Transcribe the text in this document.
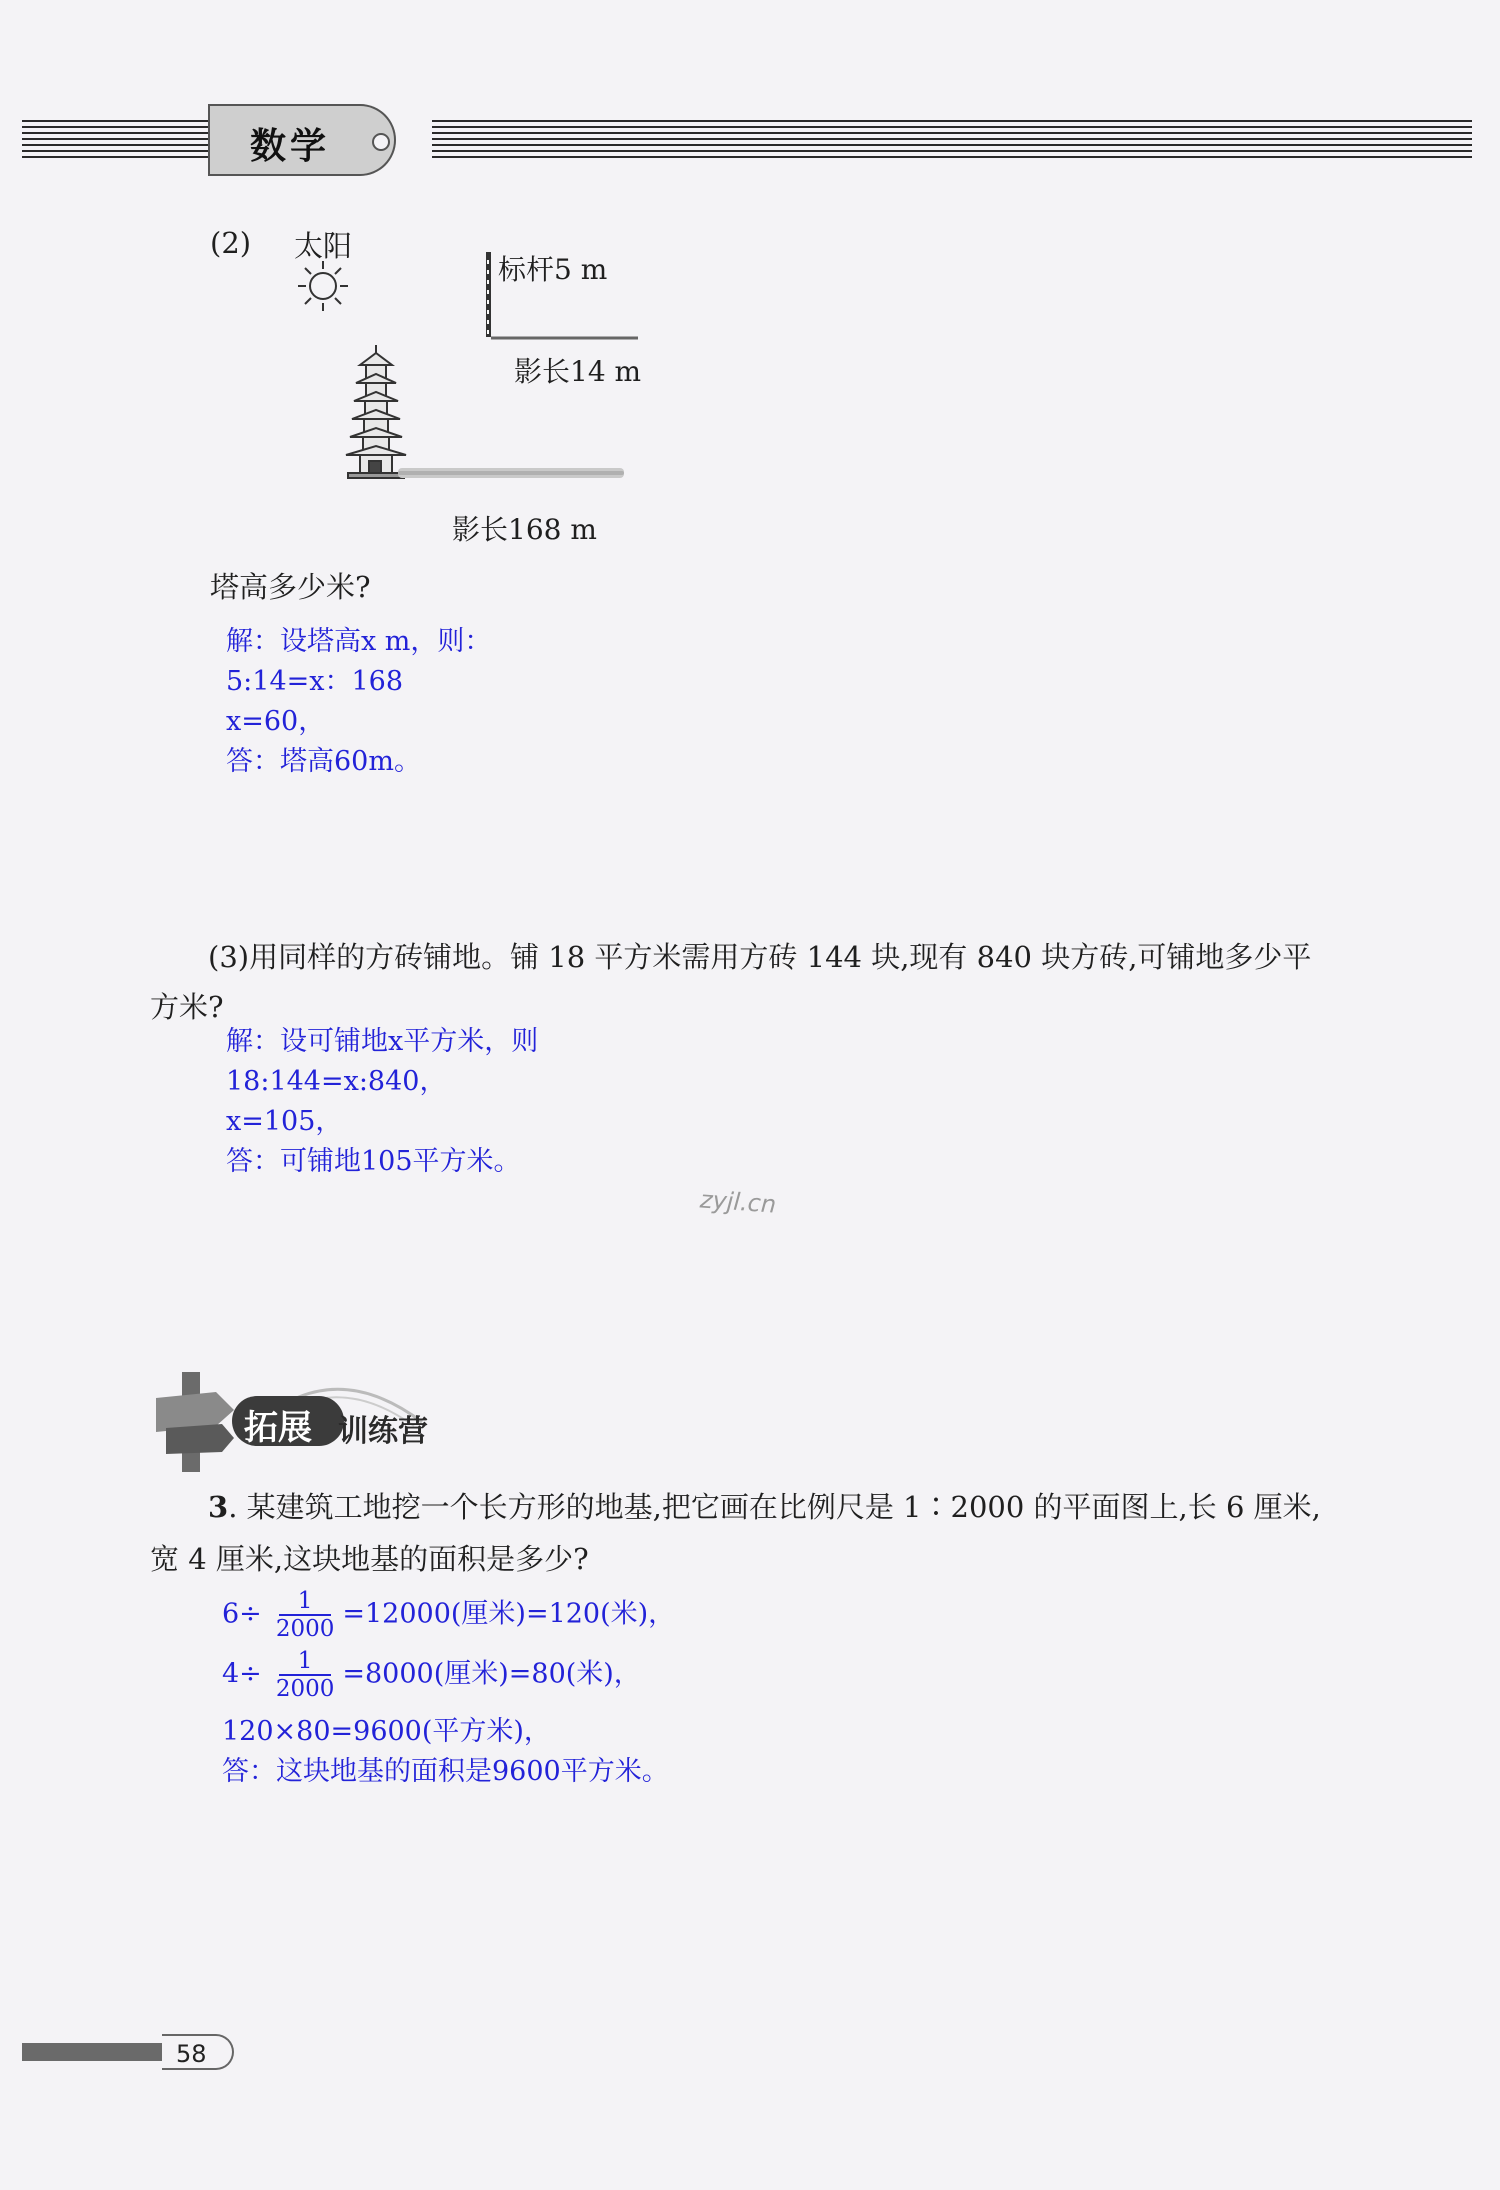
数学
(2) 太阳
标杆5 m
影长14 m
影长168 m
塔高多少米?
解：设塔高x m，则：
5:14=x：168
x=60，
答：塔高60m。
(3)用同样的方砖铺地。铺 18 平方米需用方砖 144 块,现有 840 块方砖,可铺地多少平
方米?
解：设可铺地x平方米，则
18:144=x:840，
x=105，
答：可铺地105平方米。
zyjl.cn
拓展 训练营
3. 某建筑工地挖一个长方形的地基,把它画在比例尺是 1∶2000 的平面图上,长 6 厘米,
宽 4 厘米,这块地基的面积是多少?
$6\div \frac{1}{2000} =12000$(厘米)=120(米)，
$4\div \frac{1}{2000} =8000$(厘米)=80(米)，
120×80=9600(平方米)，
答：这块地基的面积是9600平方米。
58
